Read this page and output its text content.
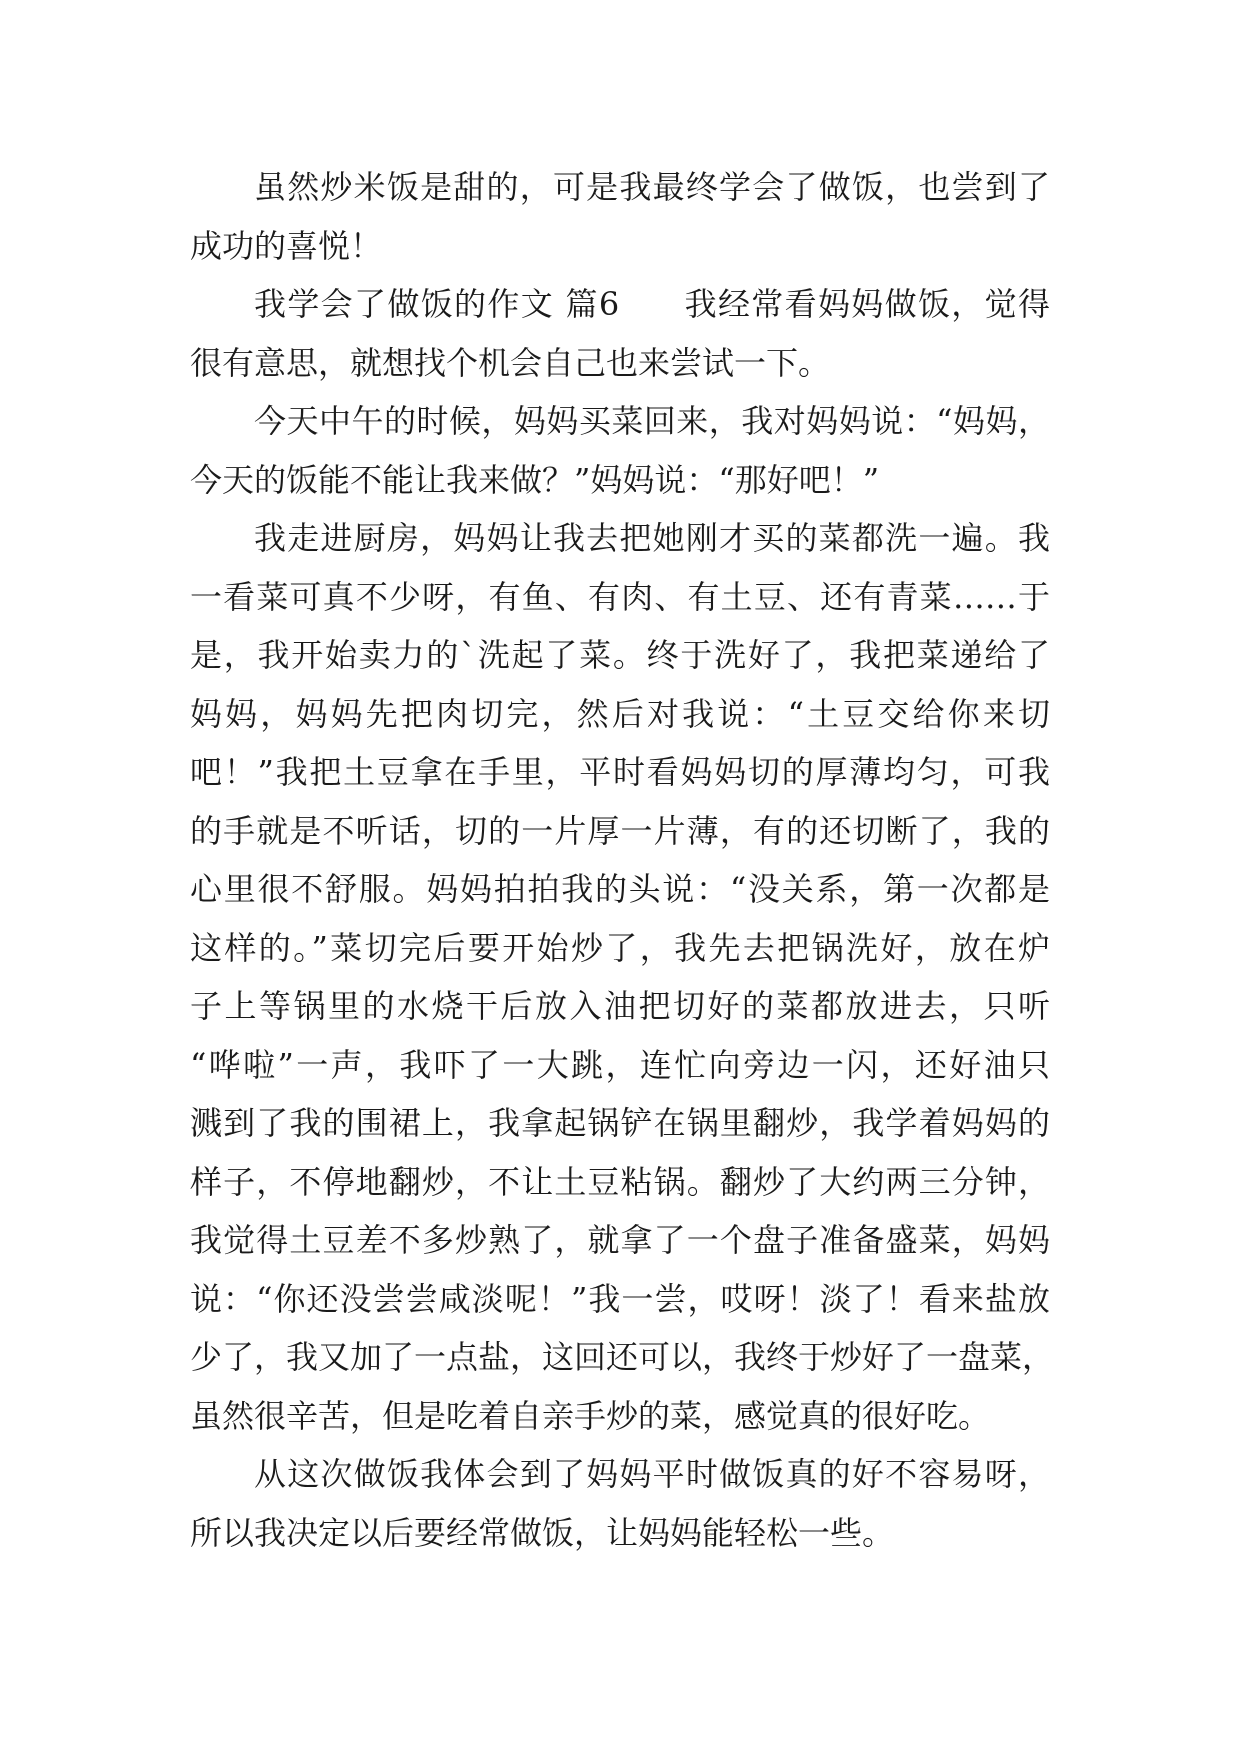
虽然炒米饭是甜的，可是我最终学会了做饭，也尝到了
成功的喜悦！
我学会了做饭的作文 篇6 我经常看妈妈做饭，觉得
很有意思，就想找个机会自己也来尝试一下。
今天中午的时候，妈妈买菜回来，我对妈妈说：“妈妈，
今天的饭能不能让我来做？”妈妈说：“那好吧！”
我走进厨房，妈妈让我去把她刚才买的菜都洗一遍。我
一看菜可真不少呀，有鱼、有肉、有土豆、还有青菜……于
是，我开始卖力的`洗起了菜。终于洗好了，我把菜递给了
妈妈，妈妈先把肉切完，然后对我说：“土豆交给你来切
吧！”我把土豆拿在手里，平时看妈妈切的厚薄均匀，可我
的手就是不听话，切的一片厚一片薄，有的还切断了，我的
心里很不舒服。妈妈拍拍我的头说：“没关系，第一次都是
这样的。”菜切完后要开始炒了，我先去把锅洗好，放在炉
子上等锅里的水烧干后放入油把切好的菜都放进去，只听
“哗啦”一声，我吓了一大跳，连忙向旁边一闪，还好油只
溅到了我的围裙上，我拿起锅铲在锅里翻炒，我学着妈妈的
样子，不停地翻炒，不让土豆粘锅。翻炒了大约两三分钟，
我觉得土豆差不多炒熟了，就拿了一个盘子准备盛菜，妈妈
说：“你还没尝尝咸淡呢！”我一尝，哎呀！淡了！看来盐放
少了，我又加了一点盐，这回还可以，我终于炒好了一盘菜，
虽然很辛苦，但是吃着自亲手炒的菜，感觉真的很好吃。
从这次做饭我体会到了妈妈平时做饭真的好不容易呀，
所以我决定以后要经常做饭，让妈妈能轻松一些。
